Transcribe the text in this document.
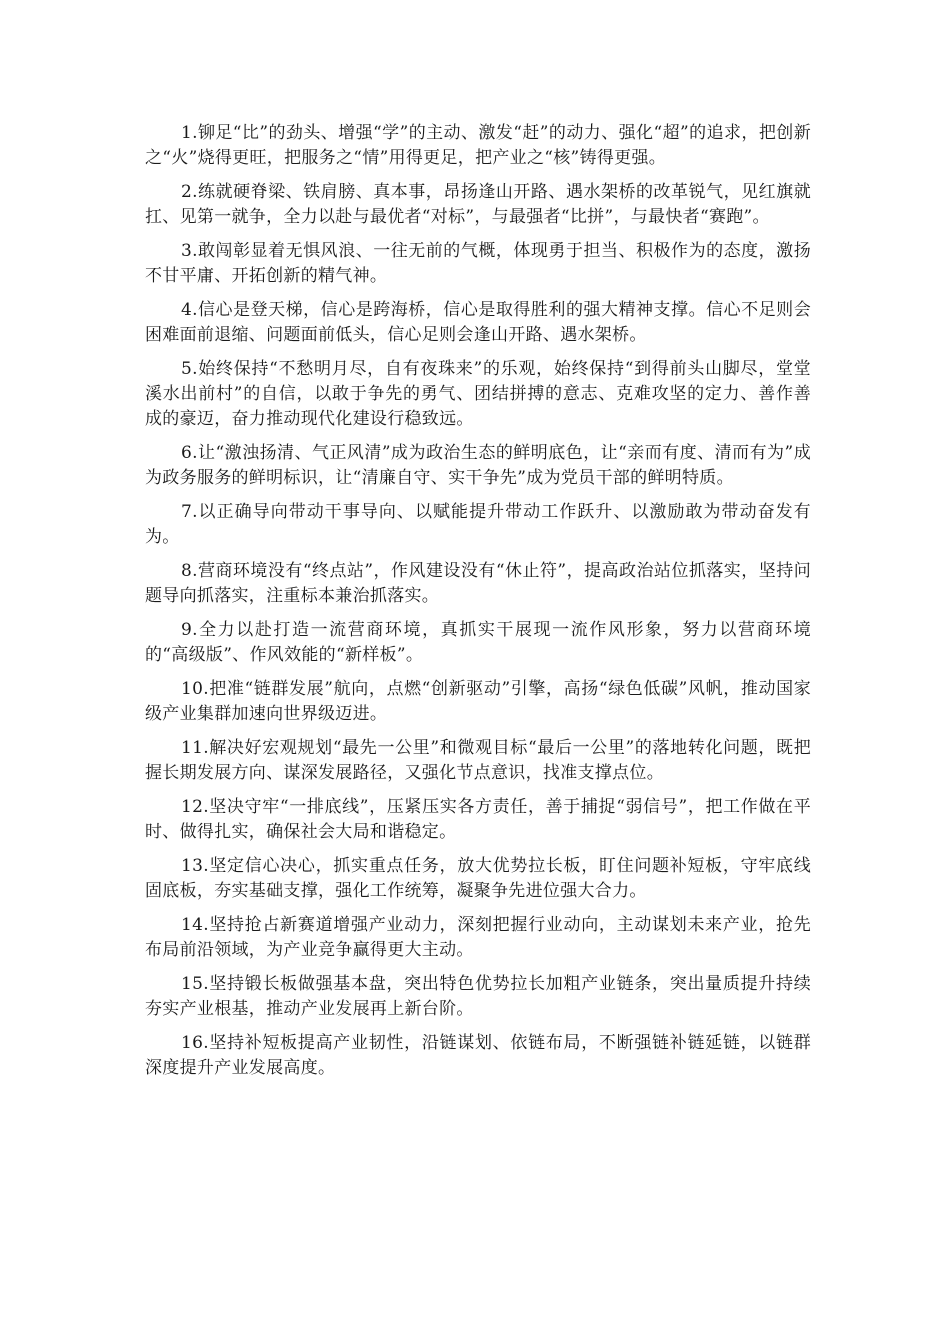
1.铆足“比”的劲头、增强“学”的主动、激发“赶”的动力、强化“超”的追求，把创新之“火”烧得更旺，把服务之“情”用得更足，把产业之“核”铸得更强。

2.练就硬脊梁、铁肩膀、真本事，昂扬逢山开路、遇水架桥的改革锐气，见红旗就扛、见第一就争，全力以赴与最优者“对标”，与最强者“比拼”，与最快者“赛跑”。

3.敢闯彰显着无惧风浪、一往无前的气概，体现勇于担当、积极作为的态度，激扬不甘平庸、开拓创新的精气神。

4.信心是登天梯，信心是跨海桥，信心是取得胜利的强大精神支撑。信心不足则会困难面前退缩、问题面前低头，信心足则会逢山开路、遇水架桥。

5.始终保持“不愁明月尽，自有夜珠来”的乐观，始终保持“到得前头山脚尽，堂堂溪水出前村”的自信，以敢于争先的勇气、团结拼搏的意志、克难攻坚的定力、善作善成的豪迈，奋力推动现代化建设行稳致远。

6.让“激浊扬清、气正风清”成为政治生态的鲜明底色，让“亲而有度、清而有为”成为政务服务的鲜明标识，让“清廉自守、实干争先”成为党员干部的鲜明特质。

7.以正确导向带动干事导向、以赋能提升带动工作跃升、以激励敢为带动奋发有为。

8.营商环境没有“终点站”，作风建设没有“休止符”，提高政治站位抓落实，坚持问题导向抓落实，注重标本兼治抓落实。

9.全力以赴打造一流营商环境，真抓实干展现一流作风形象，努力以营商环境的“高级版”、作风效能的“新样板”。

10.把准“链群发展”航向，点燃“创新驱动”引擎，高扬“绿色低碳”风帆，推动国家级产业集群加速向世界级迈进。

11.解决好宏观规划“最先一公里”和微观目标“最后一公里”的落地转化问题，既把握长期发展方向、谋深发展路径，又强化节点意识，找准支撑点位。

12.坚决守牢“一排底线”，压紧压实各方责任，善于捕捉“弱信号”，把工作做在平时、做得扎实，确保社会大局和谐稳定。

13.坚定信心决心，抓实重点任务，放大优势拉长板，盯住问题补短板，守牢底线固底板，夯实基础支撑，强化工作统筹，凝聚争先进位强大合力。

14.坚持抢占新赛道增强产业动力，深刻把握行业动向，主动谋划未来产业，抢先布局前沿领域，为产业竞争赢得更大主动。

15.坚持锻长板做强基本盘，突出特色优势拉长加粗产业链条，突出量质提升持续夯实产业根基，推动产业发展再上新台阶。

16.坚持补短板提高产业韧性，沿链谋划、依链布局，不断强链补链延链，以链群深度提升产业发展高度。
